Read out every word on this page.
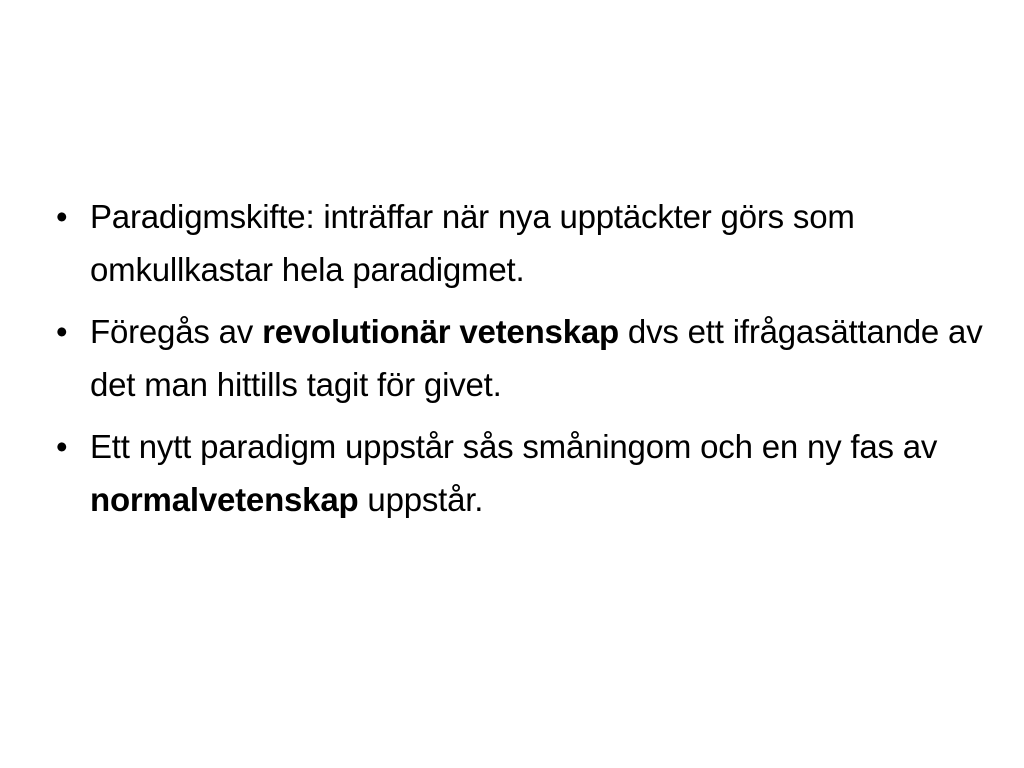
• Paradigmskifte: inträffar när nya upptäckter görs som omkullkastar hela paradigmet.
• Föregås av revolutionär vetenskap dvs ett ifrågasättande av det man hittills tagit för givet.
• Ett nytt paradigm uppstår sås småningom och en ny fas av normalvetenskap uppstår.
